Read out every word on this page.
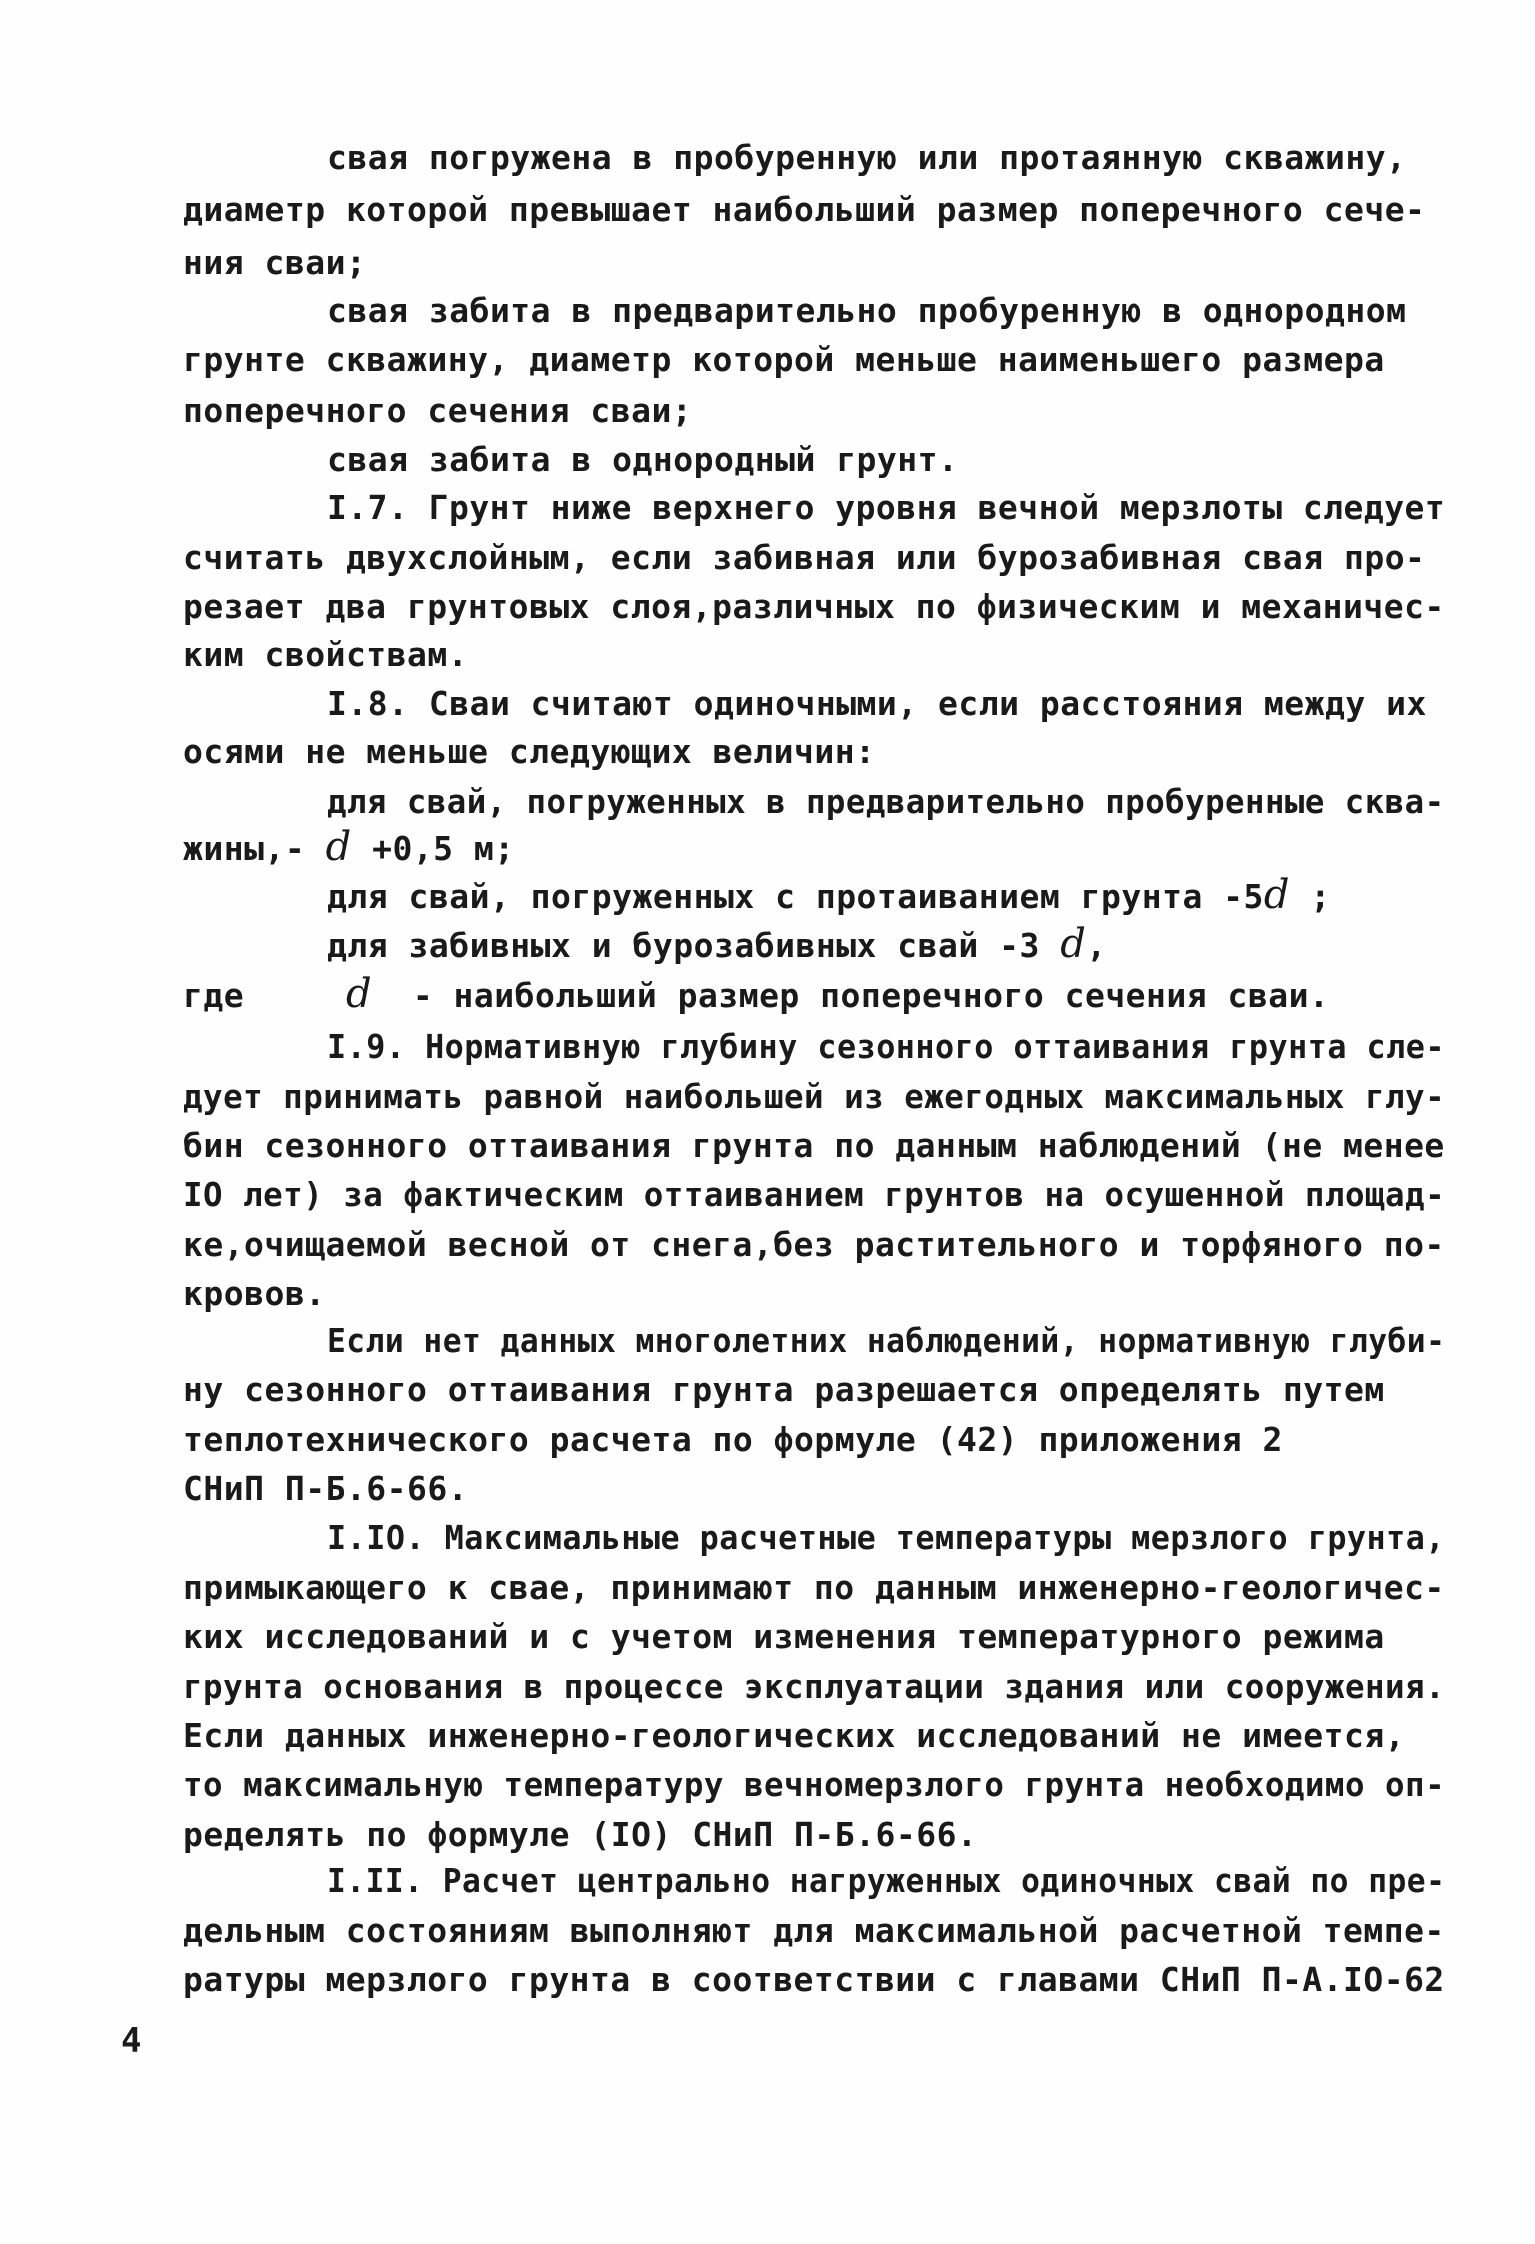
свая погружена в пробуренную или протаянную скважину,
диаметр которой превышает наибольший размер поперечного сече-
ния сваи;
свая забита в предварительно пробуренную в однородном
грунте скважину, диаметр которой меньше наименьшего размера
поперечного сечения сваи;
свая забита в однородный грунт.
I.7. Грунт ниже верхнего уровня вечной мерзлоты следует
считать двухслойным, если забивная или бурозабивная свая про-
резает два грунтовых слоя,различных по физическим и механичес-
ким свойствам.
I.8. Сваи считают одиночными, если расстояния между их
осями не меньше следующих величин:
для свай, погруженных в предварительно пробуренные сква-
жины,- d +0,5 м;
для свай, погруженных с протаиванием грунта -5d ;
для забивных и бурозабивных свай -3 d,
где	d - наибольший размер поперечного сечения сваи.
I.9. Нормативную глубину сезонного оттаивания грунта сле-
дует принимать равной наибольшей из ежегодных максимальных глу-
бин сезонного оттаивания грунта по данным наблюдений (не менее
IO лет) за фактическим оттаиванием грунтов на осушенной площад-
ке,очищаемой весной от снега,без растительного и торфяного по-
кровов.
Если нет данных многолетних наблюдений, нормативную глуби-
ну сезонного оттаивания грунта разрешается определять путем
теплотехнического расчета по формуле (42) приложения 2
СНиП П-Б.6-66.
I.IO. Максимальные расчетные температуры мерзлого грунта,
примыкающего к свае, принимают по данным инженерно-геологичес-
ких исследований и с учетом изменения температурного режима
грунта основания в процессе эксплуатации здания или сооружения.
Если данных инженерно-геологических исследований не имеется,
то максимальную температуру вечномерзлого грунта необходимо оп-
ределять по формуле (IO) СНиП П-Б.6-66.
I.II. Расчет центрально нагруженных одиночных свай по пре-
дельным состояниям выполняют для максимальной расчетной темпе-
ратуры мерзлого грунта в соответствии с главами СНиП П-А.IO-62
4
